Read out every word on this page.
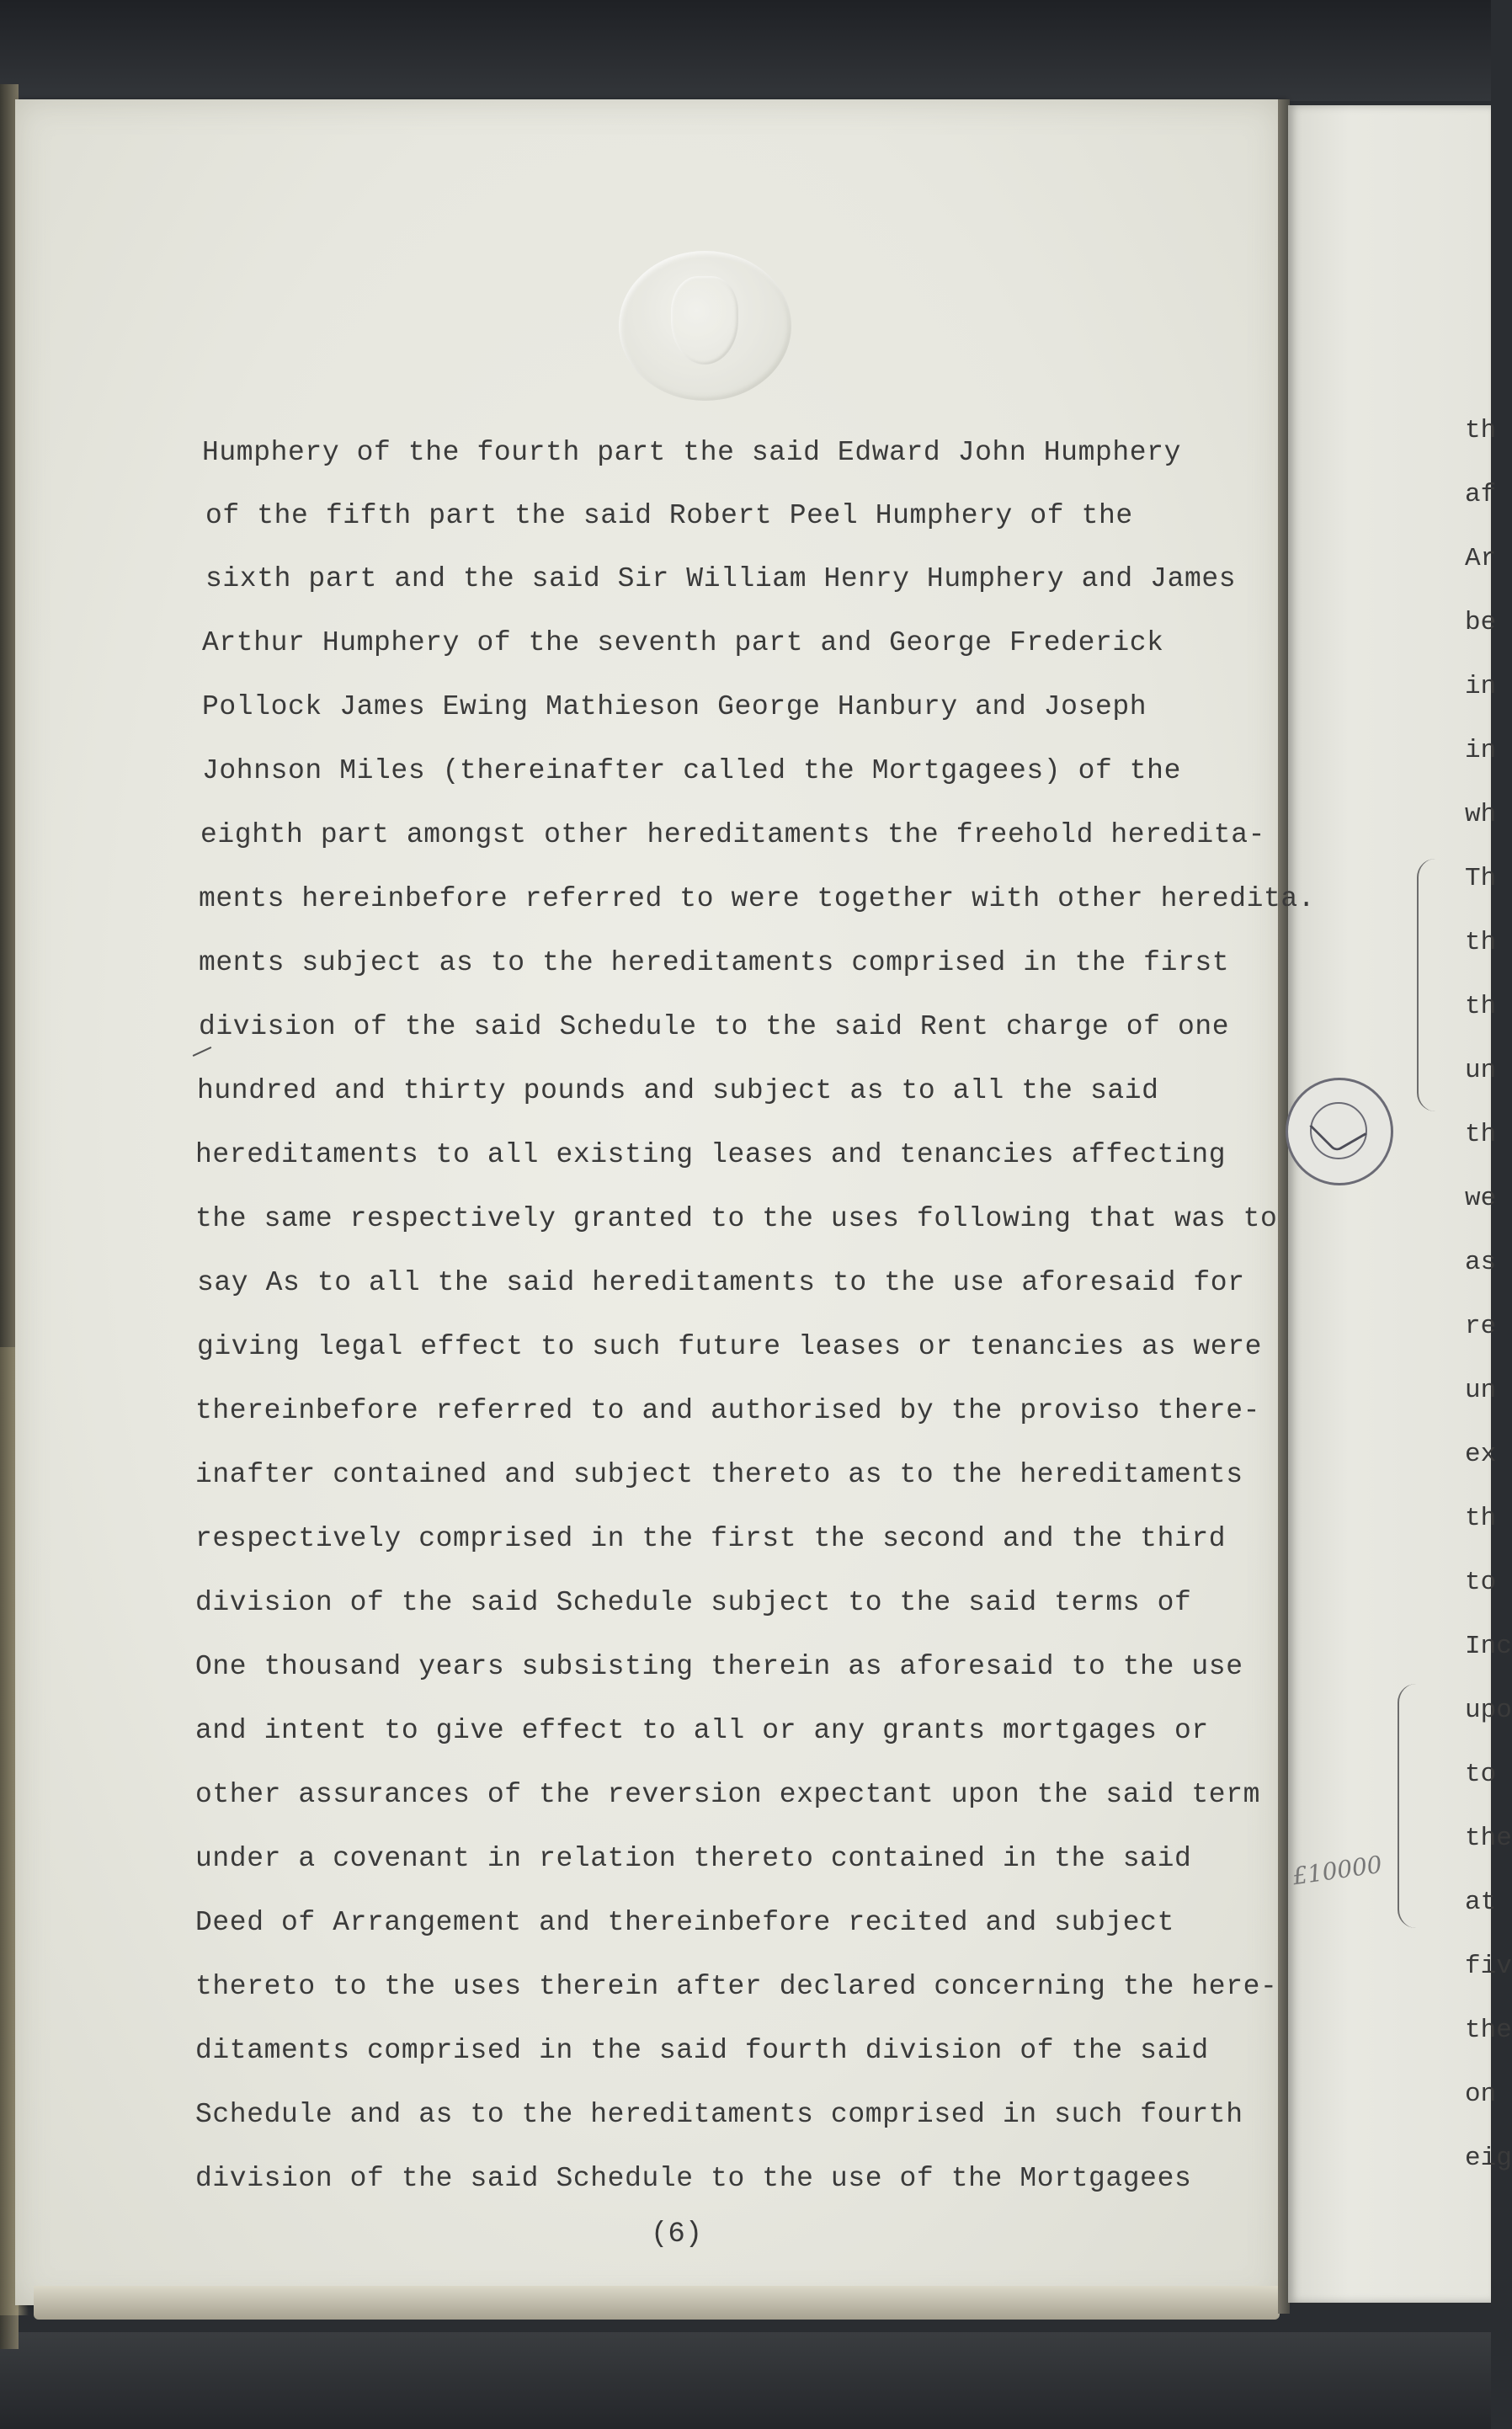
Humphery of the fourth part the said Edward John Humphery
of the fifth part the said Robert Peel Humphery of the
sixth part and the said Sir William Henry Humphery and James
Arthur Humphery of the seventh part and George Frederick
Pollock James Ewing Mathieson George Hanbury and Joseph
Johnson Miles (thereinafter called the Mortgagees) of the
eighth part amongst other hereditaments the freehold heredita-
ments hereinbefore referred to were together with other heredita.
ments subject as to the hereditaments comprised in the first
division of the said Schedule to the said Rent charge of one
hundred and thirty pounds and subject as to all the said
hereditaments to all existing leases and tenancies affecting
the same respectively granted to the uses following that was to
say As to all the said hereditaments to the use aforesaid for
giving legal effect to such future leases or tenancies as were
thereinbefore referred to and authorised by the proviso there-
inafter contained and subject thereto as to the hereditaments
respectively comprised in the first the second and the third
division of the said Schedule subject to the said terms of
One thousand years subsisting therein as aforesaid to the use
and intent to give effect to all or any grants mortgages or
other assurances of the reversion expectant upon the said term
under a covenant in relation thereto contained in the said
Deed of Arrangement and thereinbefore recited and subject
thereto to the uses therein after declared concerning the here-
ditaments comprised in the said fourth division of the said
Schedule and as to the hereditaments comprised in such fourth
division of the said Schedule to the use of the Mortgagees
(6)
th
af
Ar
be
in
in
wh
Th
th
th
un
th
we
as
re
un
ex
th
to
Inc
upo
to
the
at
fiv
the
on
eig
£10000
